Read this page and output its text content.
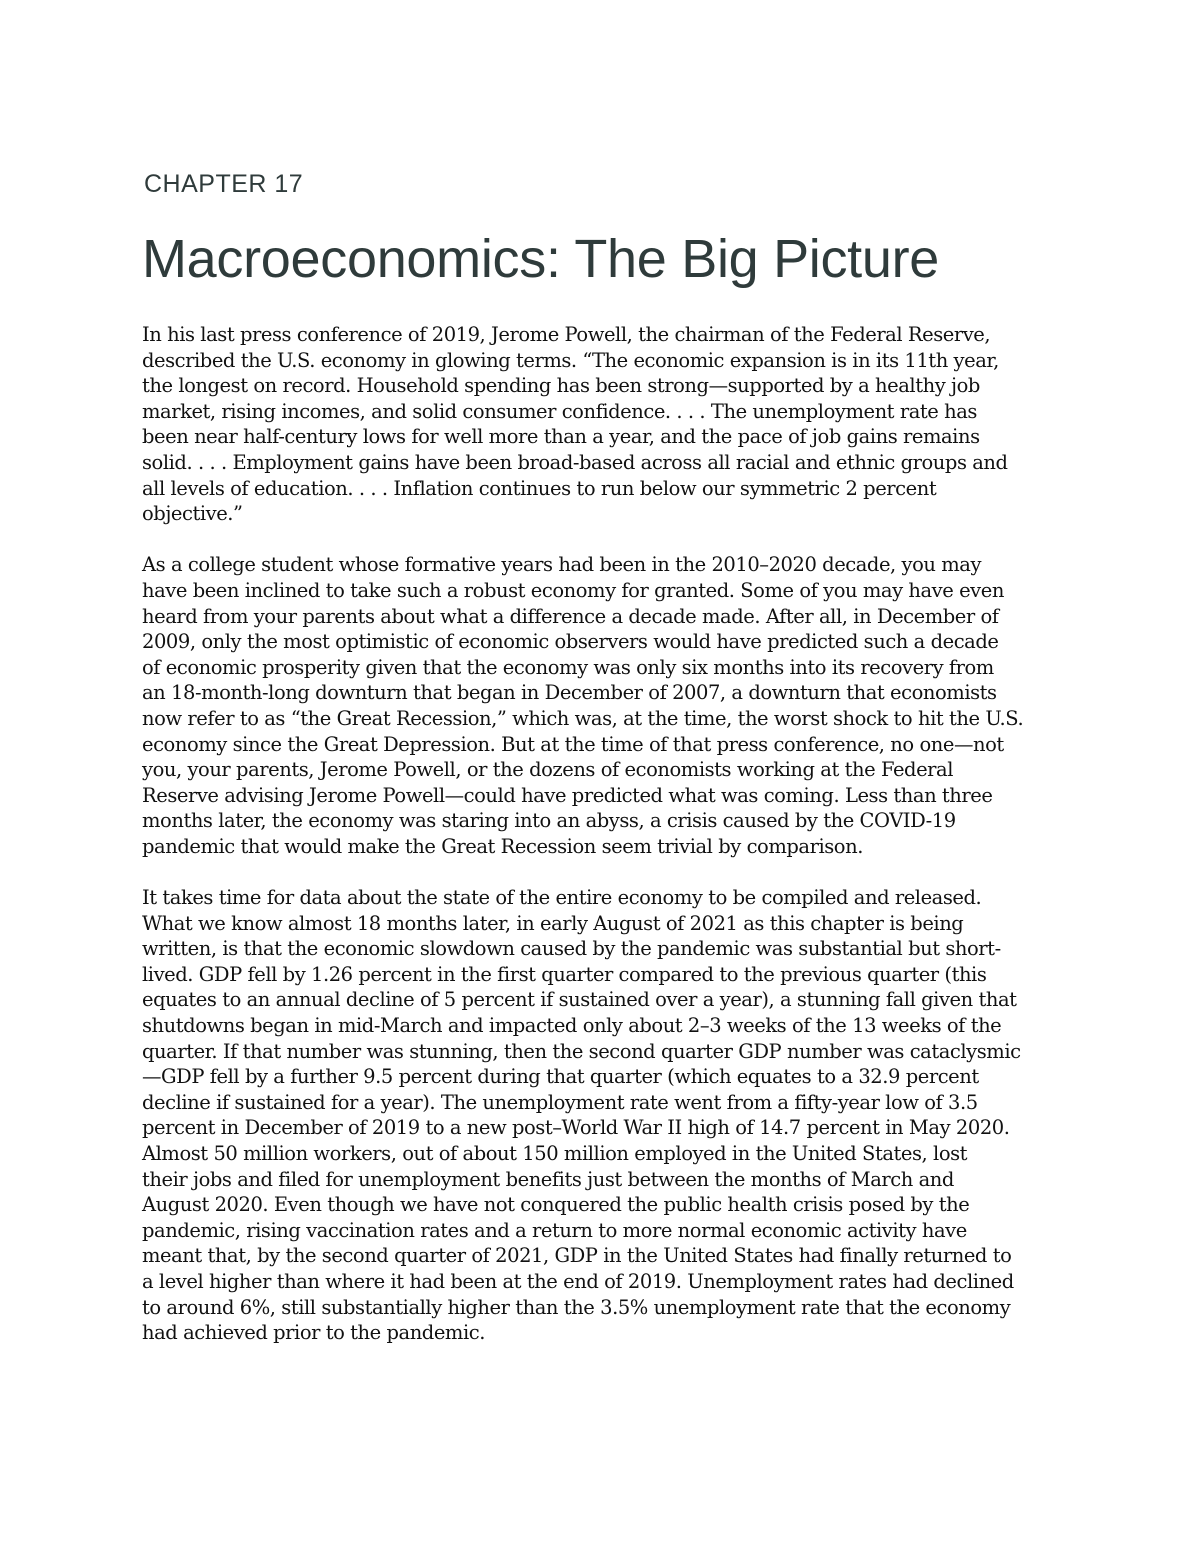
CHAPTER 17
Macroeconomics: The Big Picture

In his last press conference of 2019, Jerome Powell, the chairman of the Federal Reserve,
described the U.S. economy in glowing terms. “The economic expansion is in its 11th year,
the longest on record. Household spending has been strong—supported by a healthy job
market, rising incomes, and solid consumer confidence. . . . The unemployment rate has
been near half-century lows for well more than a year, and the pace of job gains remains
solid. . . . Employment gains have been broad-based across all racial and ethnic groups and
all levels of education. . . . Inflation continues to run below our symmetric 2 percent
objective.”

As a college student whose formative years had been in the 2010–2020 decade, you may
have been inclined to take such a robust economy for granted. Some of you may have even
heard from your parents about what a difference a decade made. After all, in December of
2009, only the most optimistic of economic observers would have predicted such a decade
of economic prosperity given that the economy was only six months into its recovery from
an 18-month-long downturn that began in December of 2007, a downturn that economists
now refer to as “the Great Recession,” which was, at the time, the worst shock to hit the U.S.
economy since the Great Depression. But at the time of that press conference, no one—not
you, your parents, Jerome Powell, or the dozens of economists working at the Federal
Reserve advising Jerome Powell—could have predicted what was coming. Less than three
months later, the economy was staring into an abyss, a crisis caused by the COVID-19
pandemic that would make the Great Recession seem trivial by comparison.

It takes time for data about the state of the entire economy to be compiled and released.
What we know almost 18 months later, in early August of 2021 as this chapter is being
written, is that the economic slowdown caused by the pandemic was substantial but short-
lived. GDP fell by 1.26 percent in the first quarter compared to the previous quarter (this
equates to an annual decline of 5 percent if sustained over a year), a stunning fall given that
shutdowns began in mid-March and impacted only about 2–3 weeks of the 13 weeks of the
quarter. If that number was stunning, then the second quarter GDP number was cataclysmic
—GDP fell by a further 9.5 percent during that quarter (which equates to a 32.9 percent
decline if sustained for a year). The unemployment rate went from a fifty-year low of 3.5
percent in December of 2019 to a new post–World War II high of 14.7 percent in May 2020.
Almost 50 million workers, out of about 150 million employed in the United States, lost
their jobs and filed for unemployment benefits just between the months of March and
August 2020. Even though we have not conquered the public health crisis posed by the
pandemic, rising vaccination rates and a return to more normal economic activity have
meant that, by the second quarter of 2021, GDP in the United States had finally returned to
a level higher than where it had been at the end of 2019. Unemployment rates had declined
to around 6%, still substantially higher than the 3.5% unemployment rate that the economy
had achieved prior to the pandemic.
